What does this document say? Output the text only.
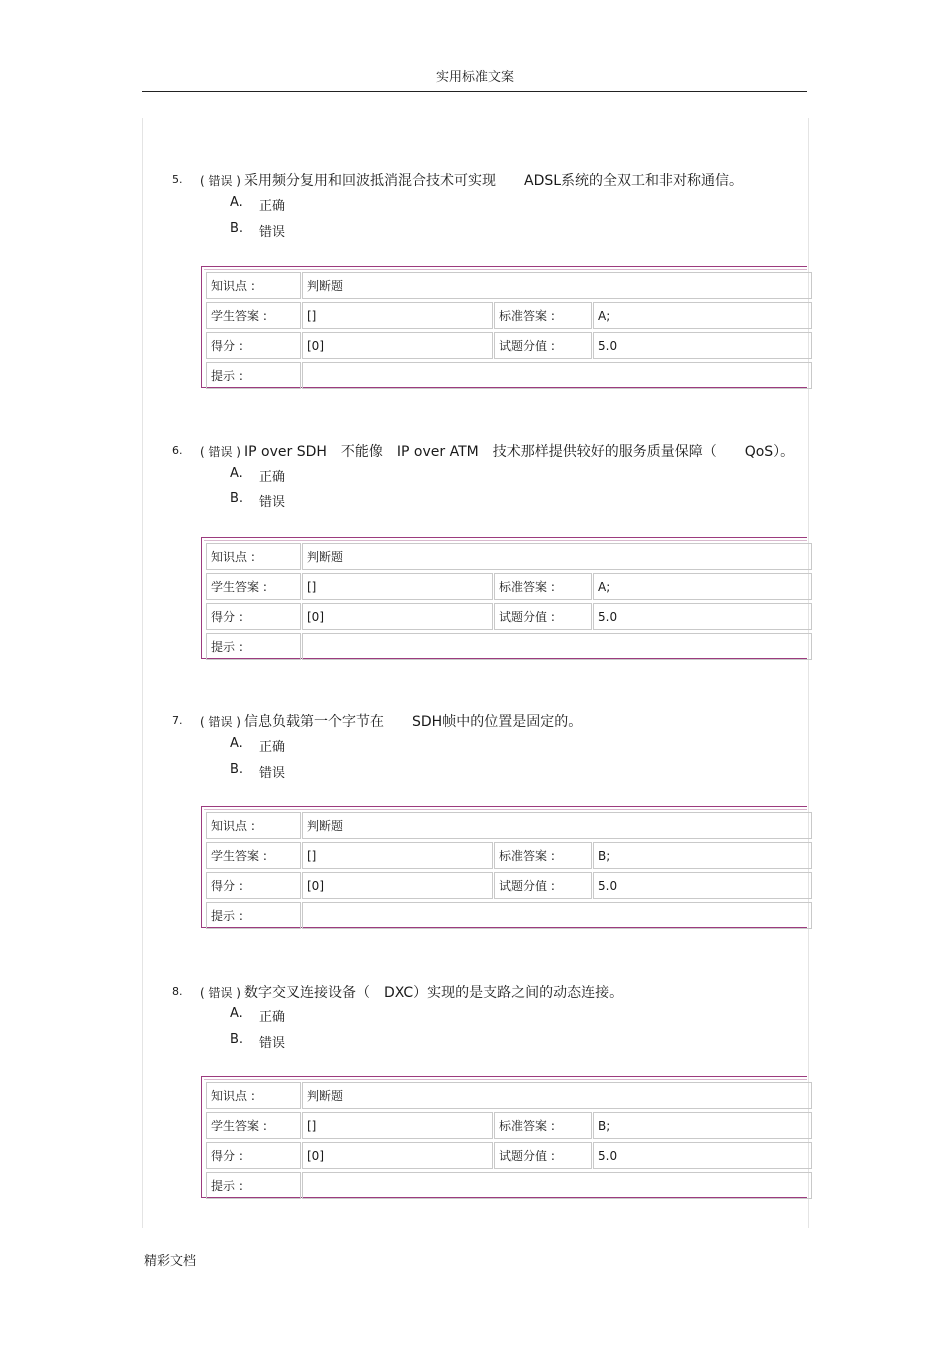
实用标准文案
5. ( 错误 ) 采用频分复用和回波抵消混合技术可实现　　ADSL系统的全双工和非对称通信。
A. 正确
B. 错误
知识点 :	判断题
学生答案 :	[]	标准答案 :	A;
得分 :	[0]	试题分值 :	5.0
提示 :
6. ( 错误 ) IP over SDH　不能像　IP over ATM　技术那样提供较好的服务质量保障（　　QoS）。
A. 正确
B. 错误
知识点 :	判断题
学生答案 :	[]	标准答案 :	A;
得分 :	[0]	试题分值 :	5.0
提示 :
7. ( 错误 ) 信息负载第一个字节在　　SDH帧中的位置是固定的。
A. 正确
B. 错误
知识点 :	判断题
学生答案 :	[]	标准答案 :	B;
得分 :	[0]	试题分值 :	5.0
提示 :
8. ( 错误 ) 数字交叉连接设备（　DXC）实现的是支路之间的动态连接。
A. 正确
B. 错误
知识点 :	判断题
学生答案 :	[]	标准答案 :	B;
得分 :	[0]	试题分值 :	5.0
提示 :
精彩文档
